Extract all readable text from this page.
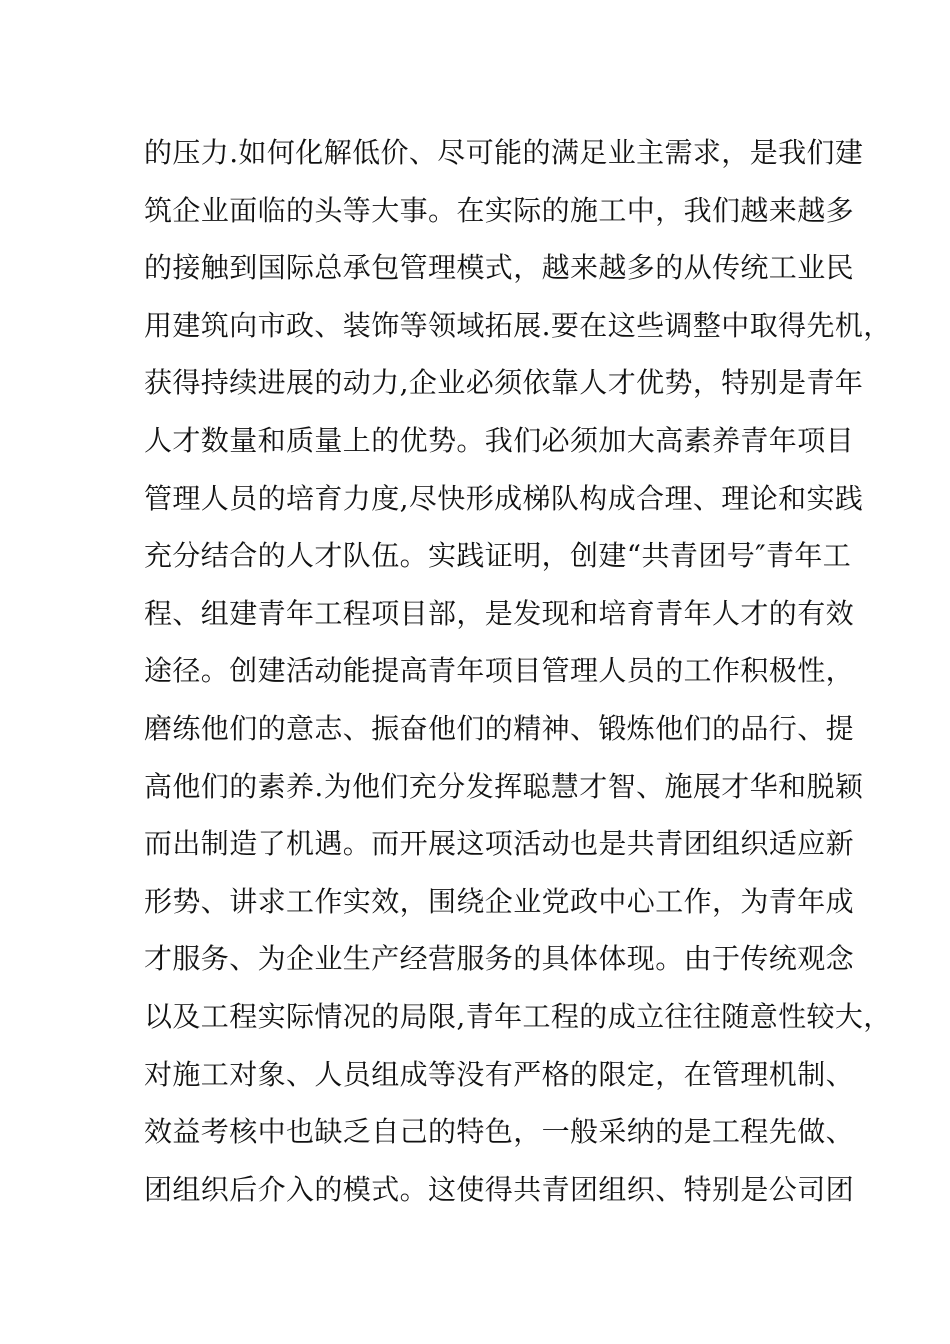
的压力.如何化解低价、尽可能的满足业主需求，是我们建
筑企业面临的头等大事。在实际的施工中，我们越来越多
的接触到国际总承包管理模式，越来越多的从传统工业民
用建筑向市政、装饰等领域拓展.要在这些调整中取得先机，
获得持续进展的动力,企业必须依靠人才优势，特别是青年
人才数量和质量上的优势。我们必须加大高素养青年项目
管理人员的培育力度,尽快形成梯队构成合理、理论和实践
充分结合的人才队伍。实践证明，创建“共青团号″青年工
程、组建青年工程项目部，是发现和培育青年人才的有效
途径。创建活动能提高青年项目管理人员的工作积极性，
磨练他们的意志、振奋他们的精神、锻炼他们的品行、提
高他们的素养.为他们充分发挥聪慧才智、施展才华和脱颖
而出制造了机遇。而开展这项活动也是共青团组织适应新
形势、讲求工作实效，围绕企业党政中心工作，为青年成
才服务、为企业生产经营服务的具体体现。由于传统观念
以及工程实际情况的局限,青年工程的成立往往随意性较大，
对施工对象、人员组成等没有严格的限定，在管理机制、
效益考核中也缺乏自己的特色，一般采纳的是工程先做、
团组织后介入的模式。这使得共青团组织、特别是公司团
